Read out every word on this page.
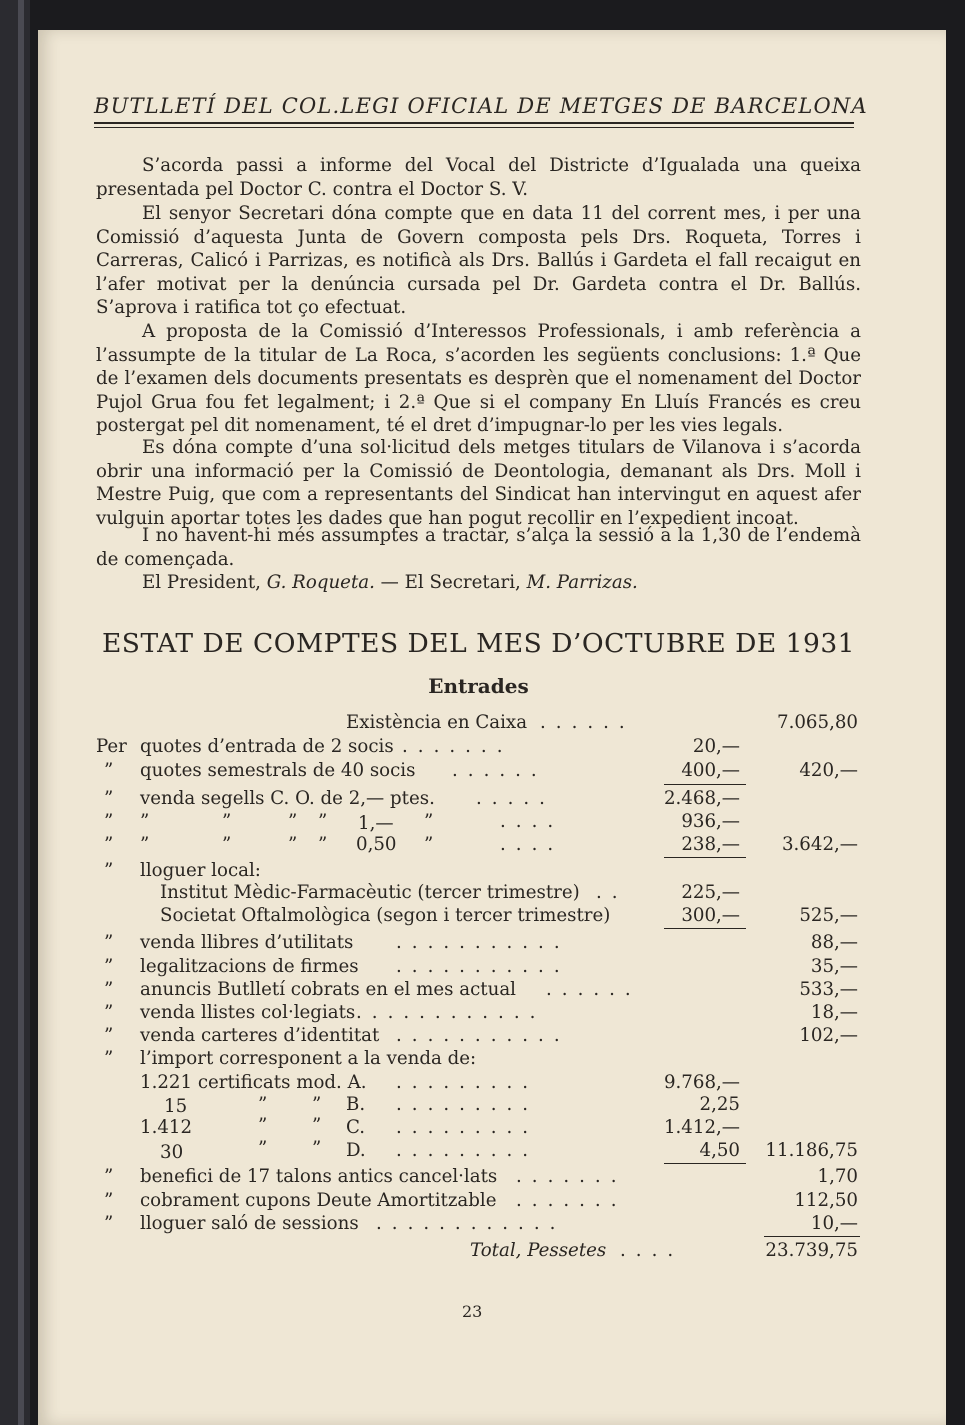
BUTLLETÍ DEL COL.LEGI OFICIAL DE METGES DE BARCELONA
S’acorda passi a informe del Vocal del Districte d’Igualada una queixa presentada pel Doctor C. contra el Doctor S. V.
El senyor Secretari dóna compte que en data 11 del corrent mes, i per una Comissió d’aquesta Junta de Govern composta pels Drs. Roqueta, Torres i Carreras, Calicó i Parrizas, es notificà als Drs. Ballús i Gardeta el fall recaigut en l’afer motivat per la denúncia cursada pel Dr. Gardeta contra el Dr. Ballús. S’aprova i ratifica tot ço efectuat.
A proposta de la Comissió d’Interessos Professionals, i amb referència a l’assumpte de la titular de La Roca, s’acorden les següents conclusions: 1.ª Que de l’examen dels documents presentats es desprèn que el nomenament del Doctor Pujol Grua fou fet legalment; i 2.ª Que si el company En Lluís Francés es creu postergat pel dit nomenament, té el dret d’impugnar-lo per les vies legals.
Es dóna compte d’una sol·licitud dels metges titulars de Vilanova i s’acorda obrir una informació per la Comissió de Deontologia, demanant als Drs. Moll i Mestre Puig, que com a representants del Sindicat han intervingut en aquest afer vulguin aportar totes les dades que han pogut recollir en l’expedient incoat.
I no havent-hi més assumptes a tractar, s’alça la sessió a la 1,30 de l’endemà de començada.
El President, G. Roqueta. — El Secretari, M. Parrizas.
ESTAT DE COMPTES DEL MES D’OCTUBRE DE 1931
Entrades
Existència en Caixa ......	7.065,80
Per quotes d’entrada de 2 socis .......	20,—
” quotes semestrals de 40 socis ......	400,—	420,—
” venda segells C. O. de 2,— ptes. .....	2.468,—
” ”	”	” ” 1,— ”	....	936,—
” ”	”	” ” 0,50 ”	....	238,— 3.642,—
” lloguer local:
Institut Mèdic-Farmacèutic (tercer trimestre) ..	225,—
Societat Oftalmològica (segon i tercer trimestre)	300,—	525,—
” venda llibres d’utilitats ...........	88,—
” legalitzacions de firmes ...........	35,—
” anuncis Butlletí cobrats en el mes actual ......	533,—
” venda llistes col·legiats ............	18,—
” venda carteres d’identitat ...........	102,—
” l’import corresponent a la venda de:
1.221 certificats mod. A. .........	9.768,—
15	” ” B. .........	2,25
1.412	” ” C. .........	1.412,—
30	” ” D. .........	4,50 11.186,75
” benefici de 17 talons antics cancel·lats .......	1,70
” cobrament cupons Deute Amortitzable .......	112,50
” lloguer saló de sessions ............	10,—
Total, Pessetes ....	23.739,75
23
